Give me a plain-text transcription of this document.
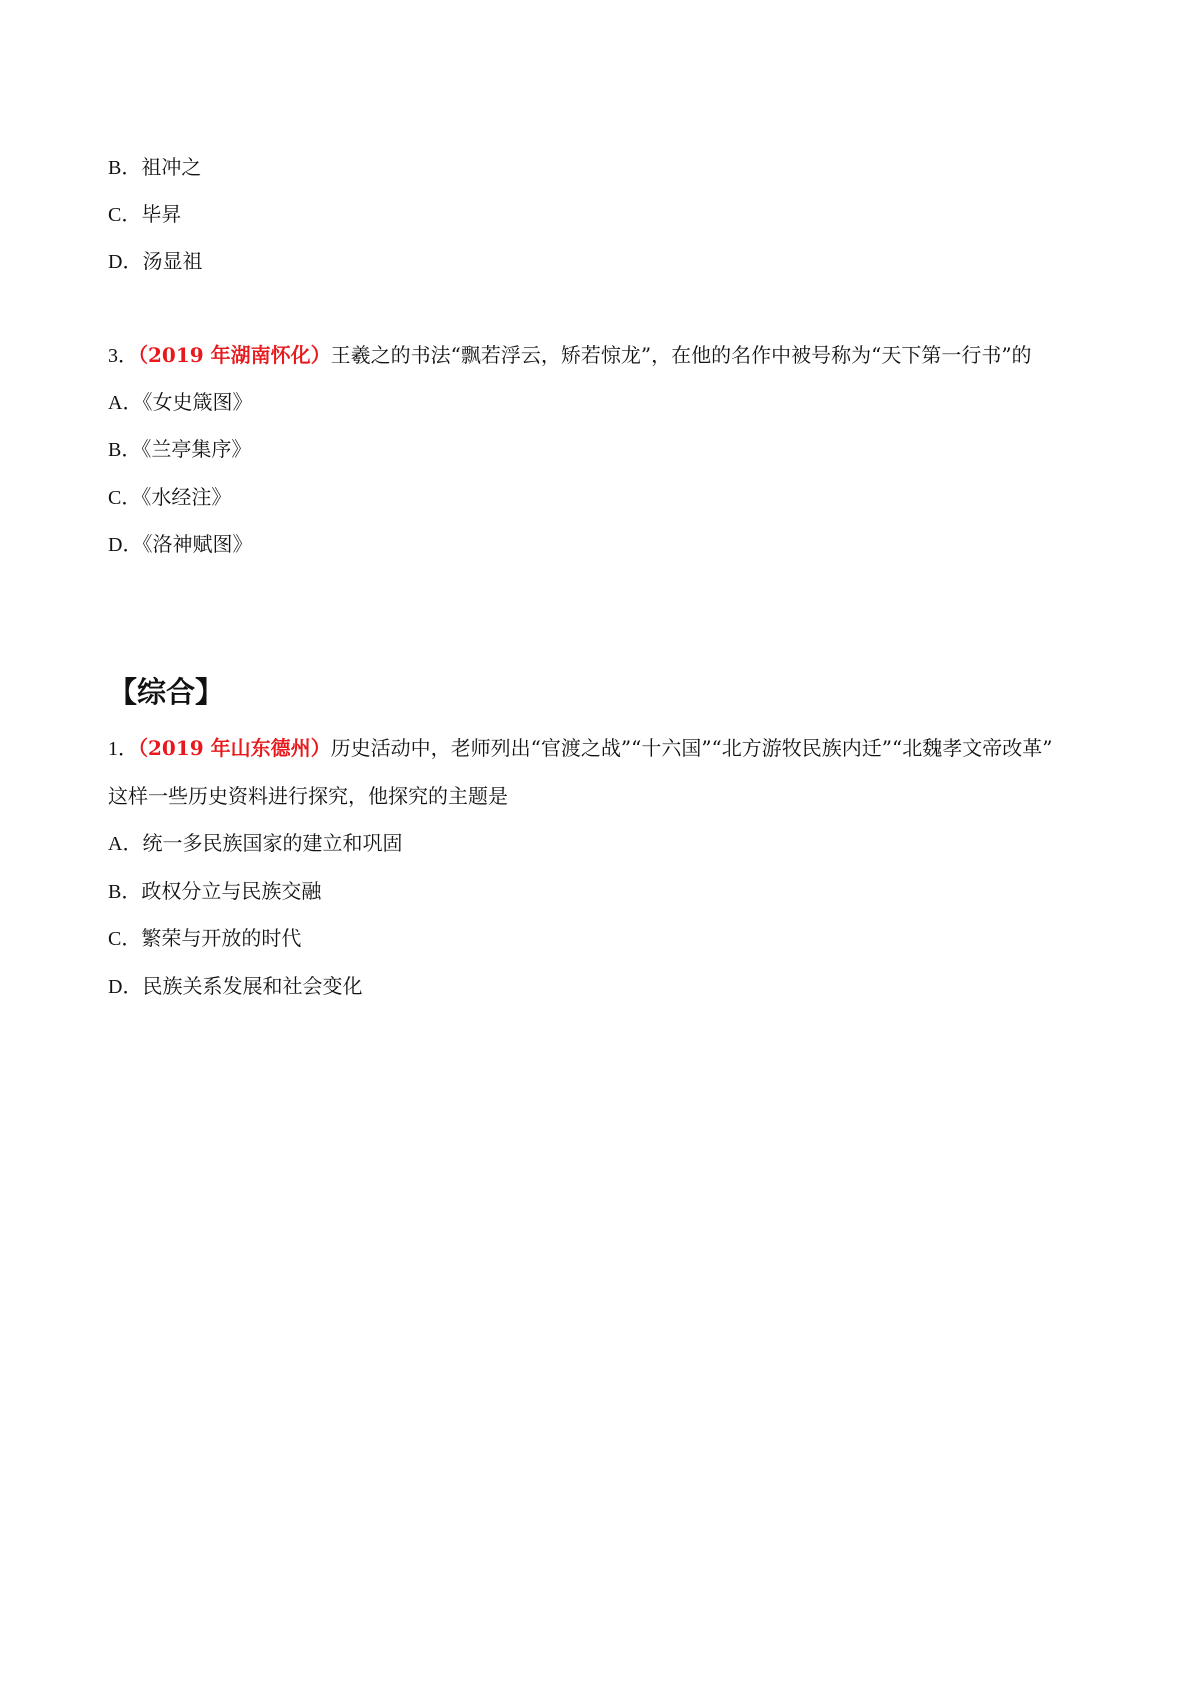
B．祖冲之
C．毕昇
D．汤显祖
3．（2019 年湖南怀化）王羲之的书法“飘若浮云，矫若惊龙”，在他的名作中被号称为“天下第一行书”的
A．《女史箴图》
B．《兰亭集序》
C．《水经注》
D．《洛神赋图》
【综合】
1．（2019 年山东德州）历史活动中，老师列出“官渡之战”“十六国”“北方游牧民族内迁”“北魏孝文帝改革”
这样一些历史资料进行探究，他探究的主题是
A．统一多民族国家的建立和巩固
B．政权分立与民族交融
C．繁荣与开放的时代
D．民族关系发展和社会变化
